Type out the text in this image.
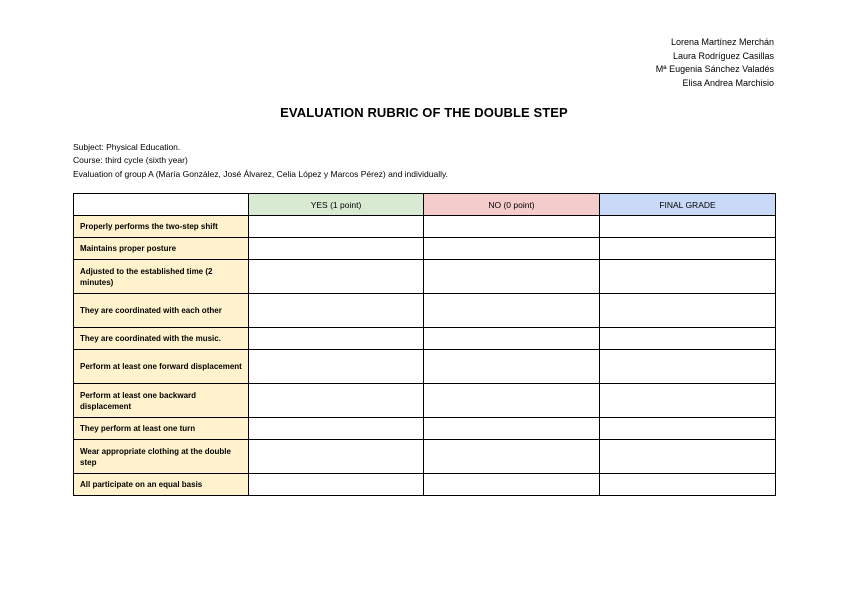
Lorena Martínez Merchán
Laura Rodríguez Casillas
Mª Eugenia Sánchez Valadés
Elisa Andrea Marchisio
EVALUATION RUBRIC OF THE DOUBLE STEP
Subject: Physical Education.
Course: third cycle (sixth year)
Evaluation of group A (María González, José Álvarez, Celia López y Marcos Pérez) and individually.
	YES (1 point)	NO (0 point)	FINAL GRADE
Properly performs the two-step shift			
Maintains proper posture			
Adjusted to the established time (2 minutes)			
They are coordinated with each other			
They are coordinated with the music.			
Perform at least one forward displacement			
Perform at least one backward displacement			
They perform at least one turn			
Wear appropriate clothing at the double step			
All participate on an equal basis			
